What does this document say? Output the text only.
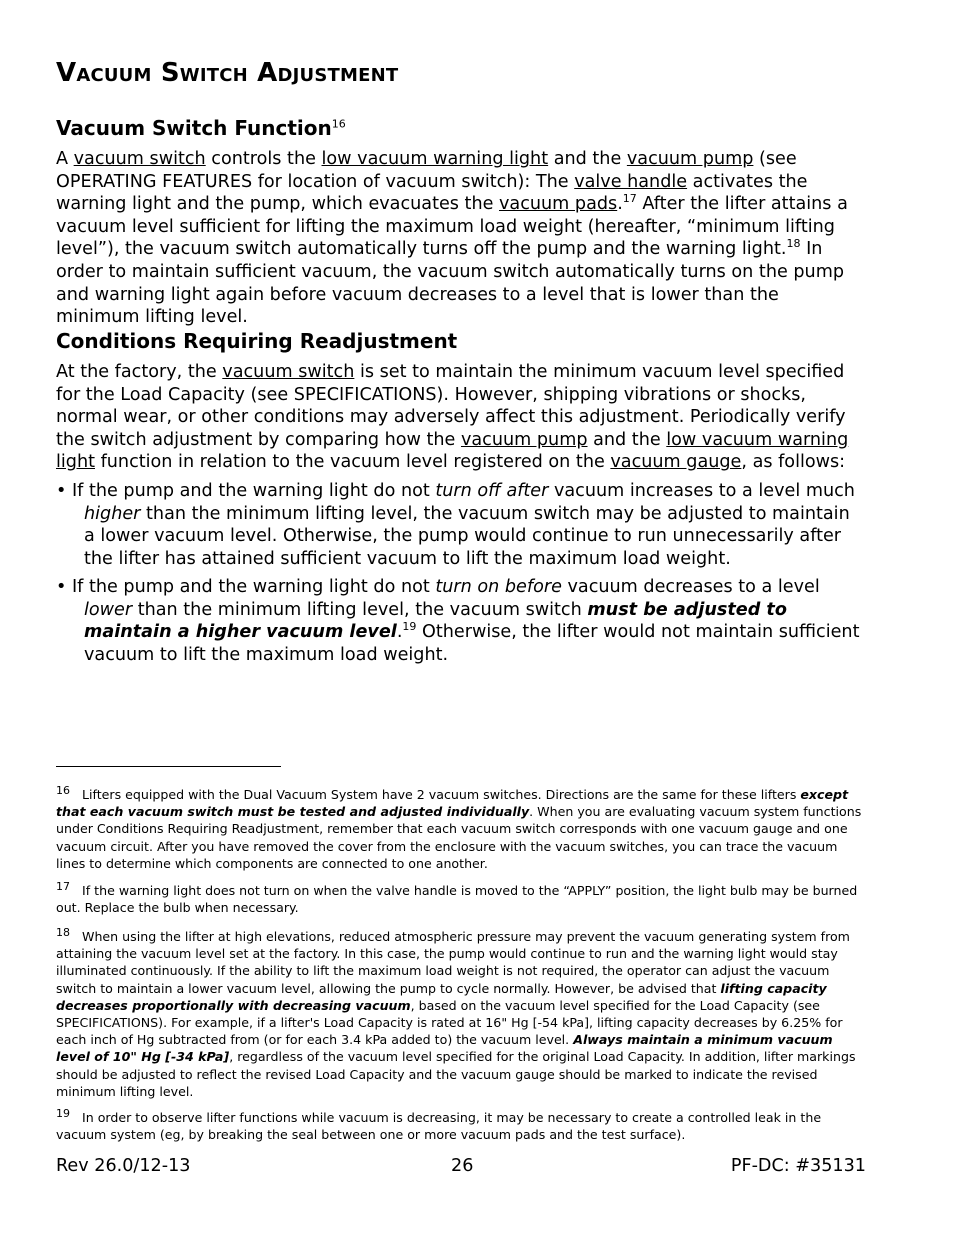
Vacuum Switch Adjustment
Vacuum Switch Function$^{16}$

A vacuum switch controls the low vacuum warning light and the vacuum pump (see OPERATING FEATURES for location of vacuum switch): The valve handle activates the warning light and the pump, which evacuates the vacuum pads.$^{17}$ After the lifter attains a vacuum level sufficient for lifting the maximum load weight (hereafter, “minimum lifting level”), the vacuum switch automatically turns off the pump and the warning light.$^{18}$ In order to maintain sufficient vacuum, the vacuum switch automatically turns on the pump and warning light again before vacuum decreases to a level that is lower than the minimum lifting level.

Conditions Requiring Readjustment

At the factory, the vacuum switch is set to maintain the minimum vacuum level specified for the Load Capacity (see SPECIFICATIONS). However, shipping vibrations or shocks, normal wear, or other conditions may adversely affect this adjustment. Periodically verify the switch adjustment by comparing how the vacuum pump and the low vacuum warning light function in relation to the vacuum level registered on the vacuum gauge, as follows:

• If the pump and the warning light do not turn off after vacuum increases to a level much higher than the minimum lifting level, the vacuum switch may be adjusted to maintain a lower vacuum level. Otherwise, the pump would continue to run unnecessarily after the lifter has attained sufficient vacuum to lift the maximum load weight.

• If the pump and the warning light do not turn on before vacuum decreases to a level lower than the minimum lifting level, the vacuum switch must be adjusted to maintain a higher vacuum level.$^{19}$ Otherwise, the lifter would not maintain sufficient vacuum to lift the maximum load weight.

16 Lifters equipped with the Dual Vacuum System have 2 vacuum switches. Directions are the same for these lifters except that each vacuum switch must be tested and adjusted individually. When you are evaluating vacuum system functions under Conditions Requiring Readjustment, remember that each vacuum switch corresponds with one vacuum gauge and one vacuum circuit. After you have removed the cover from the enclosure with the vacuum switches, you can trace the vacuum lines to determine which components are connected to one another.

17 If the warning light does not turn on when the valve handle is moved to the “APPLY” position, the light bulb may be burned out. Replace the bulb when necessary.

18 When using the lifter at high elevations, reduced atmospheric pressure may prevent the vacuum generating system from attaining the vacuum level set at the factory. In this case, the pump would continue to run and the warning light would stay illuminated continuously. If the ability to lift the maximum load weight is not required, the operator can adjust the vacuum switch to maintain a lower vacuum level, allowing the pump to cycle normally. However, be advised that lifting capacity decreases proportionally with decreasing vacuum, based on the vacuum level specified for the Load Capacity (see SPECIFICATIONS). For example, if a lifter's Load Capacity is rated at 16" Hg [-54 kPa], lifting capacity decreases by 6.25% for each inch of Hg subtracted from (or for each 3.4 kPa added to) the vacuum level. Always maintain a minimum vacuum level of 10" Hg [-34 kPa], regardless of the vacuum level specified for the original Load Capacity. In addition, lifter markings should be adjusted to reflect the revised Load Capacity and the vacuum gauge should be marked to indicate the revised minimum lifting level.

19 In order to observe lifter functions while vacuum is decreasing, it may be necessary to create a controlled leak in the vacuum system (eg, by breaking the seal between one or more vacuum pads and the test surface).

Rev 26.0/12-13	26	PF-DC: #35131
